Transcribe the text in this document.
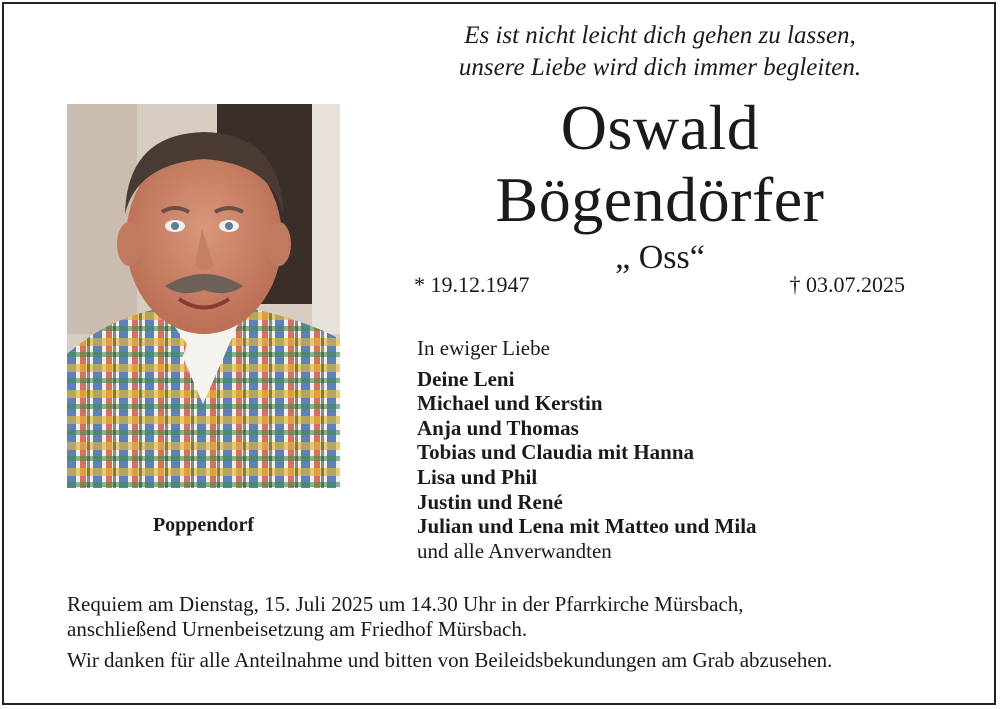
Es ist nicht leicht dich gehen zu lassen,
unsere Liebe wird dich immer begleiten.
Oswald
Bögendörfer
„ Oss“
* 19.12.1947	† 03.07.2025
Poppendorf
In ewiger Liebe
Deine Leni
Michael und Kerstin
Anja und Thomas
Tobias und Claudia mit Hanna
Lisa und Phil
Justin und René
Julian und Lena mit Matteo und Mila
und alle Anverwandten
Requiem am Dienstag, 15. Juli 2025 um 14.30 Uhr in der Pfarrkirche Mürsbach,
anschließend Urnenbeisetzung am Friedhof Mürsbach.
Wir danken für alle Anteilnahme und bitten von Beileidsbekundungen am Grab abzusehen.
